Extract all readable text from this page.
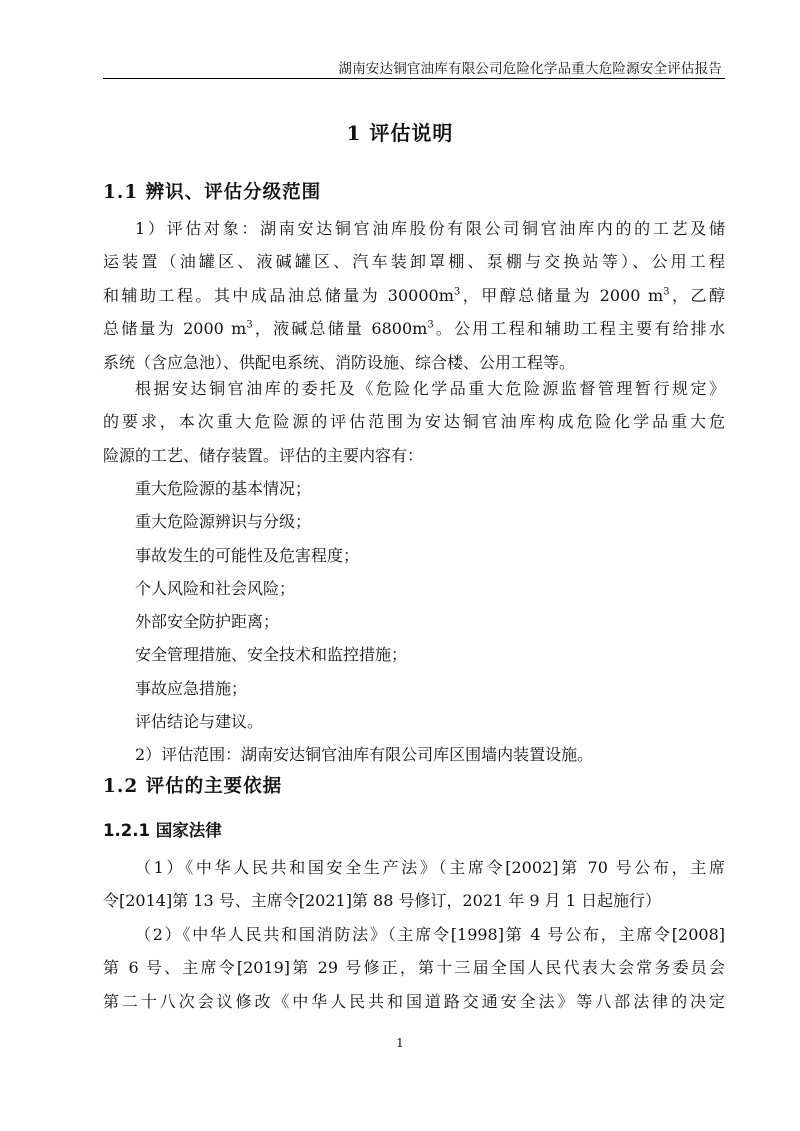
湖南安达铜官油库有限公司危险化学品重大危险源安全评估报告
1 评估说明
1.1 辨识、评估分级范围
1）评估对象：湖南安达铜官油库股份有限公司铜官油库内的的工艺及储
运装置（油罐区、液碱罐区、汽车装卸罩棚、泵棚与交换站等）、公用工程
和辅助工程。其中成品油总储量为 $30000m^3$，甲醇总储量为 2000 $m^3$，乙醇
总储量为 2000 $m^3$，液碱总储量 $6800m^3$。公用工程和辅助工程主要有给排水
系统（含应急池）、供配电系统、消防设施、综合楼、公用工程等。
根据安达铜官油库的委托及《危险化学品重大危险源监督管理暂行规定》
的要求，本次重大危险源的评估范围为安达铜官油库构成危险化学品重大危
险源的工艺、储存装置。评估的主要内容有：
重大危险源的基本情况；
重大危险源辨识与分级；
事故发生的可能性及危害程度；
个人风险和社会风险；
外部安全防护距离；
安全管理措施、安全技术和监控措施；
事故应急措施；
评估结论与建议。
2）评估范围：湖南安达铜官油库有限公司库区围墙内装置设施。
1.2 评估的主要依据
1.2.1 国家法律
（1）《中华人民共和国安全生产法》（主席令[2002]第 70 号公布，主席
令[2014]第 13 号、主席令[2021]第 88 号修订，2021 年 9 月 1 日起施行）
（2）《中华人民共和国消防法》（主席令[1998]第 4 号公布，主席令[2008]
第 6 号、主席令[2019]第 29 号修正，第十三届全国人民代表大会常务委员会
第二十八次会议修改《中华人民共和国道路交通安全法》等八部法律的决定
1
